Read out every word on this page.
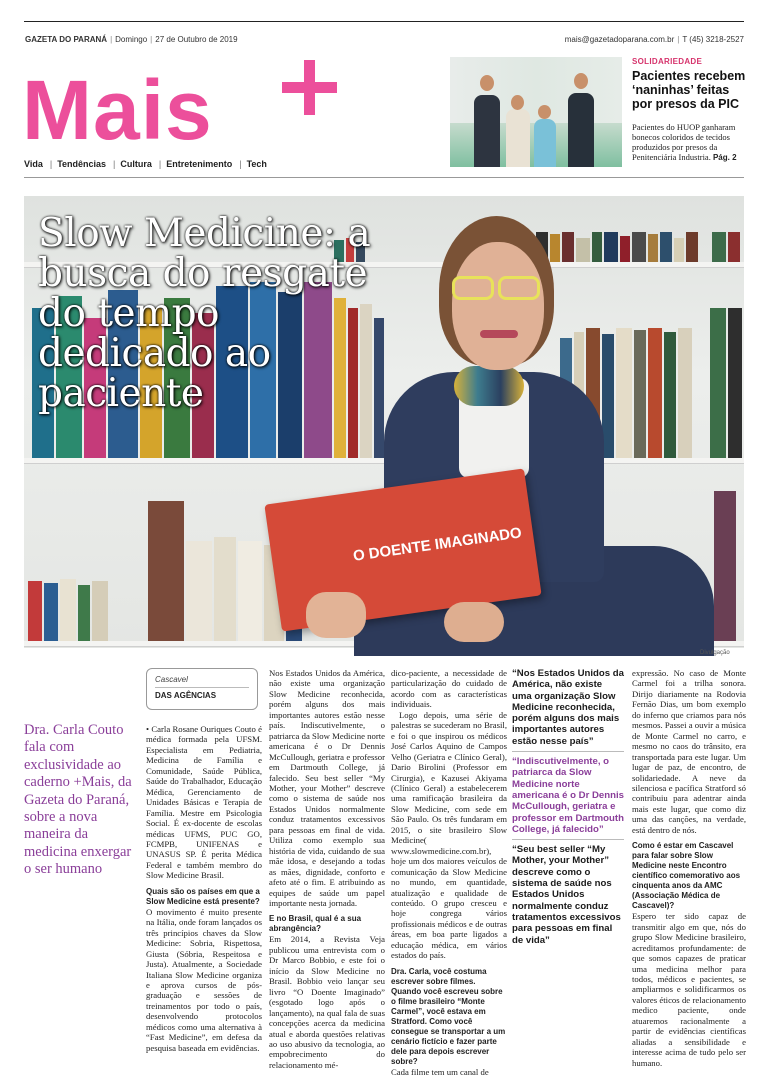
GAZETA DO PARANÁ | Domingo | 27 de Outubro de 2019	mais@gazetadoparana.com.br | T (45) 3218-2527
Mais
Vida | Tendências | Cultura | Entretenimento | Tech
SOLIDARIEDADE
Pacientes recebem ‘naninhas’ feitas por presos da PIC
Pacientes do HUOP ganharam bonecos coloridos de tecidos produzidos por presos da Penitenciária Industria. Pág. 2
O DOENTE IMAGINADO
Slow Medicine: a busca do resgate do tempo dedicado ao paciente
Divulgação
Cascavel
DAS AGÊNCIAS
Dra. Carla Couto fala com exclusividade ao caderno +Mais, da Gazeta do Paraná, sobre a nova maneira da medicina enxergar o ser humano

• Carla Rosane Ouriques Couto é médica formada pela UFSM. Especialista em Pediatria, Medicina de Família e Comunidade, Saúde Pública, Saúde do Trabalhador, Educação Médica, Gerenciamento de Unidades Básicas e Terapia de Família. Mestre em Psicologia Social. É ex-docente de escolas médicas UFMS, PUC GO, FCMPB, UNIFENAS e UNASUS SP. É perita Médica Federal e também membro do Slow Medicine Brasil.

Quais são os países em que a Slow Medicine está presente?

O movimento é muito presente na Itália, onde foram lançados os três princípios chaves da Slow Medicine: Sobria, Rispettosa, Giusta (Sóbria, Respeitosa e Justa). Atualmente, a Sociedade Italiana Slow Medicine organiza e aprova cursos de pós-graduação e sessões de treinamentos por todo o país, desenvolvendo protocolos médicos como uma alternativa à “Fast Medicine”, em defesa da pesquisa baseada em evidências.

Nos Estados Unidos da América, não existe uma organização Slow Medicine reconhecida, porém alguns dos mais importantes autores estão nesse país. Indiscutivelmente, o patriarca da Slow Medicine norte americana é o Dr Dennis McCullough, geriatra e professor em Dartmouth College, já falecido. Seu best seller “My Mother, your Mother” descreve como o sistema de saúde nos Estados Unidos normalmente conduz tratamentos excessivos para pessoas em final de vida. Utiliza como exemplo sua história de vida, cuidando de sua mãe idosa, e desejando a todas as mães, dignidade, conforto e afeto até o fim. E atribuindo as equipes de saúde um papel importante nesta jornada.

E no Brasil, qual é a sua abrangência?

Em 2014, a Revista Veja publicou uma entrevista com o Dr Marco Bobbio, e este foi o início da Slow Medicine no Brasil. Bobbio veio lançar seu livro “O Doente Imaginado” (esgotado logo após o lançamento), na qual fala de suas concepções acerca da medicina atual e aborda questões relativas ao uso abusivo da tecnologia, ao empobrecimento do relacionamento mé-

dico-paciente, a necessidade de particularização do cuidado de acordo com as características individuais.

Logo depois, uma série de palestras se sucederam no Brasil, e foi o que inspirou os médicos José Carlos Aquino de Campos Velho (Geriatra e Clínico Geral), Dario Birolini (Professor em Cirurgia), e Kazusei Akiyama (Clínico Geral) a estabelecerem uma ramificação brasileira da Slow Medicine, com sede em São Paulo. Os três fundaram em 2015, o site brasileiro Slow Medicine( www.slowmedicine.com.br), hoje um dos maiores veículos de comunicação da Slow Medicine no mundo, em quantidade, atualização e qualidade de conteúdo. O grupo cresceu e hoje congrega vários profissionais médicos e de outras áreas, em boa parte ligados a educação médica, em vários estados do país.

Dra. Carla, você costuma escrever sobre filmes. Quando você escreveu sobre o filme brasileiro “Monte Carmel”, você estava em Stratford. Como você consegue se transportar a um cenário fictício e fazer parte dele para depois escrever sobre?

Cada filme tem um canal de

“Nos Estados Unidos da América, não existe uma organização Slow Medicine reconhecida, porém alguns dos mais importantes autores estão nesse país”
“Indiscutivelmente, o patriarca da Slow Medicine norte americana é o Dr Dennis McCullough, geriatra e professor em Dartmouth College, já falecido”
“Seu best seller “My Mother, your Mother” descreve como o sistema de saúde nos Estados Unidos normalmente conduz tratamentos excessivos para pessoas em final de vida”

expressão. No caso de Monte Carmel foi a trilha sonora. Dirijo diariamente na Rodovia Fernão Dias, um bom exemplo do inferno que criamos para nós mesmos. Passei a ouvir a música de Monte Carmel no carro, e mesmo no caos do trânsito, era transportada para este lugar. Um lugar de paz, de encontro, de solidariedade. A neve da silenciosa e pacífica Stratford só contribuiu para adentrar ainda mais este lugar, que como diz uma das canções, na verdade, está dentro de nós.

Como é estar em Cascavel para falar sobre Slow Medicine neste Encontro científico comemorativo aos cinquenta anos da AMC (Associação Médica de Cascavel)?

Espero ter sido capaz de transmitir algo em que, nós do grupo Slow Medicine brasileiro, acreditamos profundamente: de que somos capazes de praticar uma medicina melhor para todos, médicos e pacientes, se ampliarmos e solidificarmos os valores éticos de relacionamento medico paciente, onde atuaremos racionalmente a partir de evidências científicas aliadas a sensibilidade e interesse acima de tudo pelo ser humano.
